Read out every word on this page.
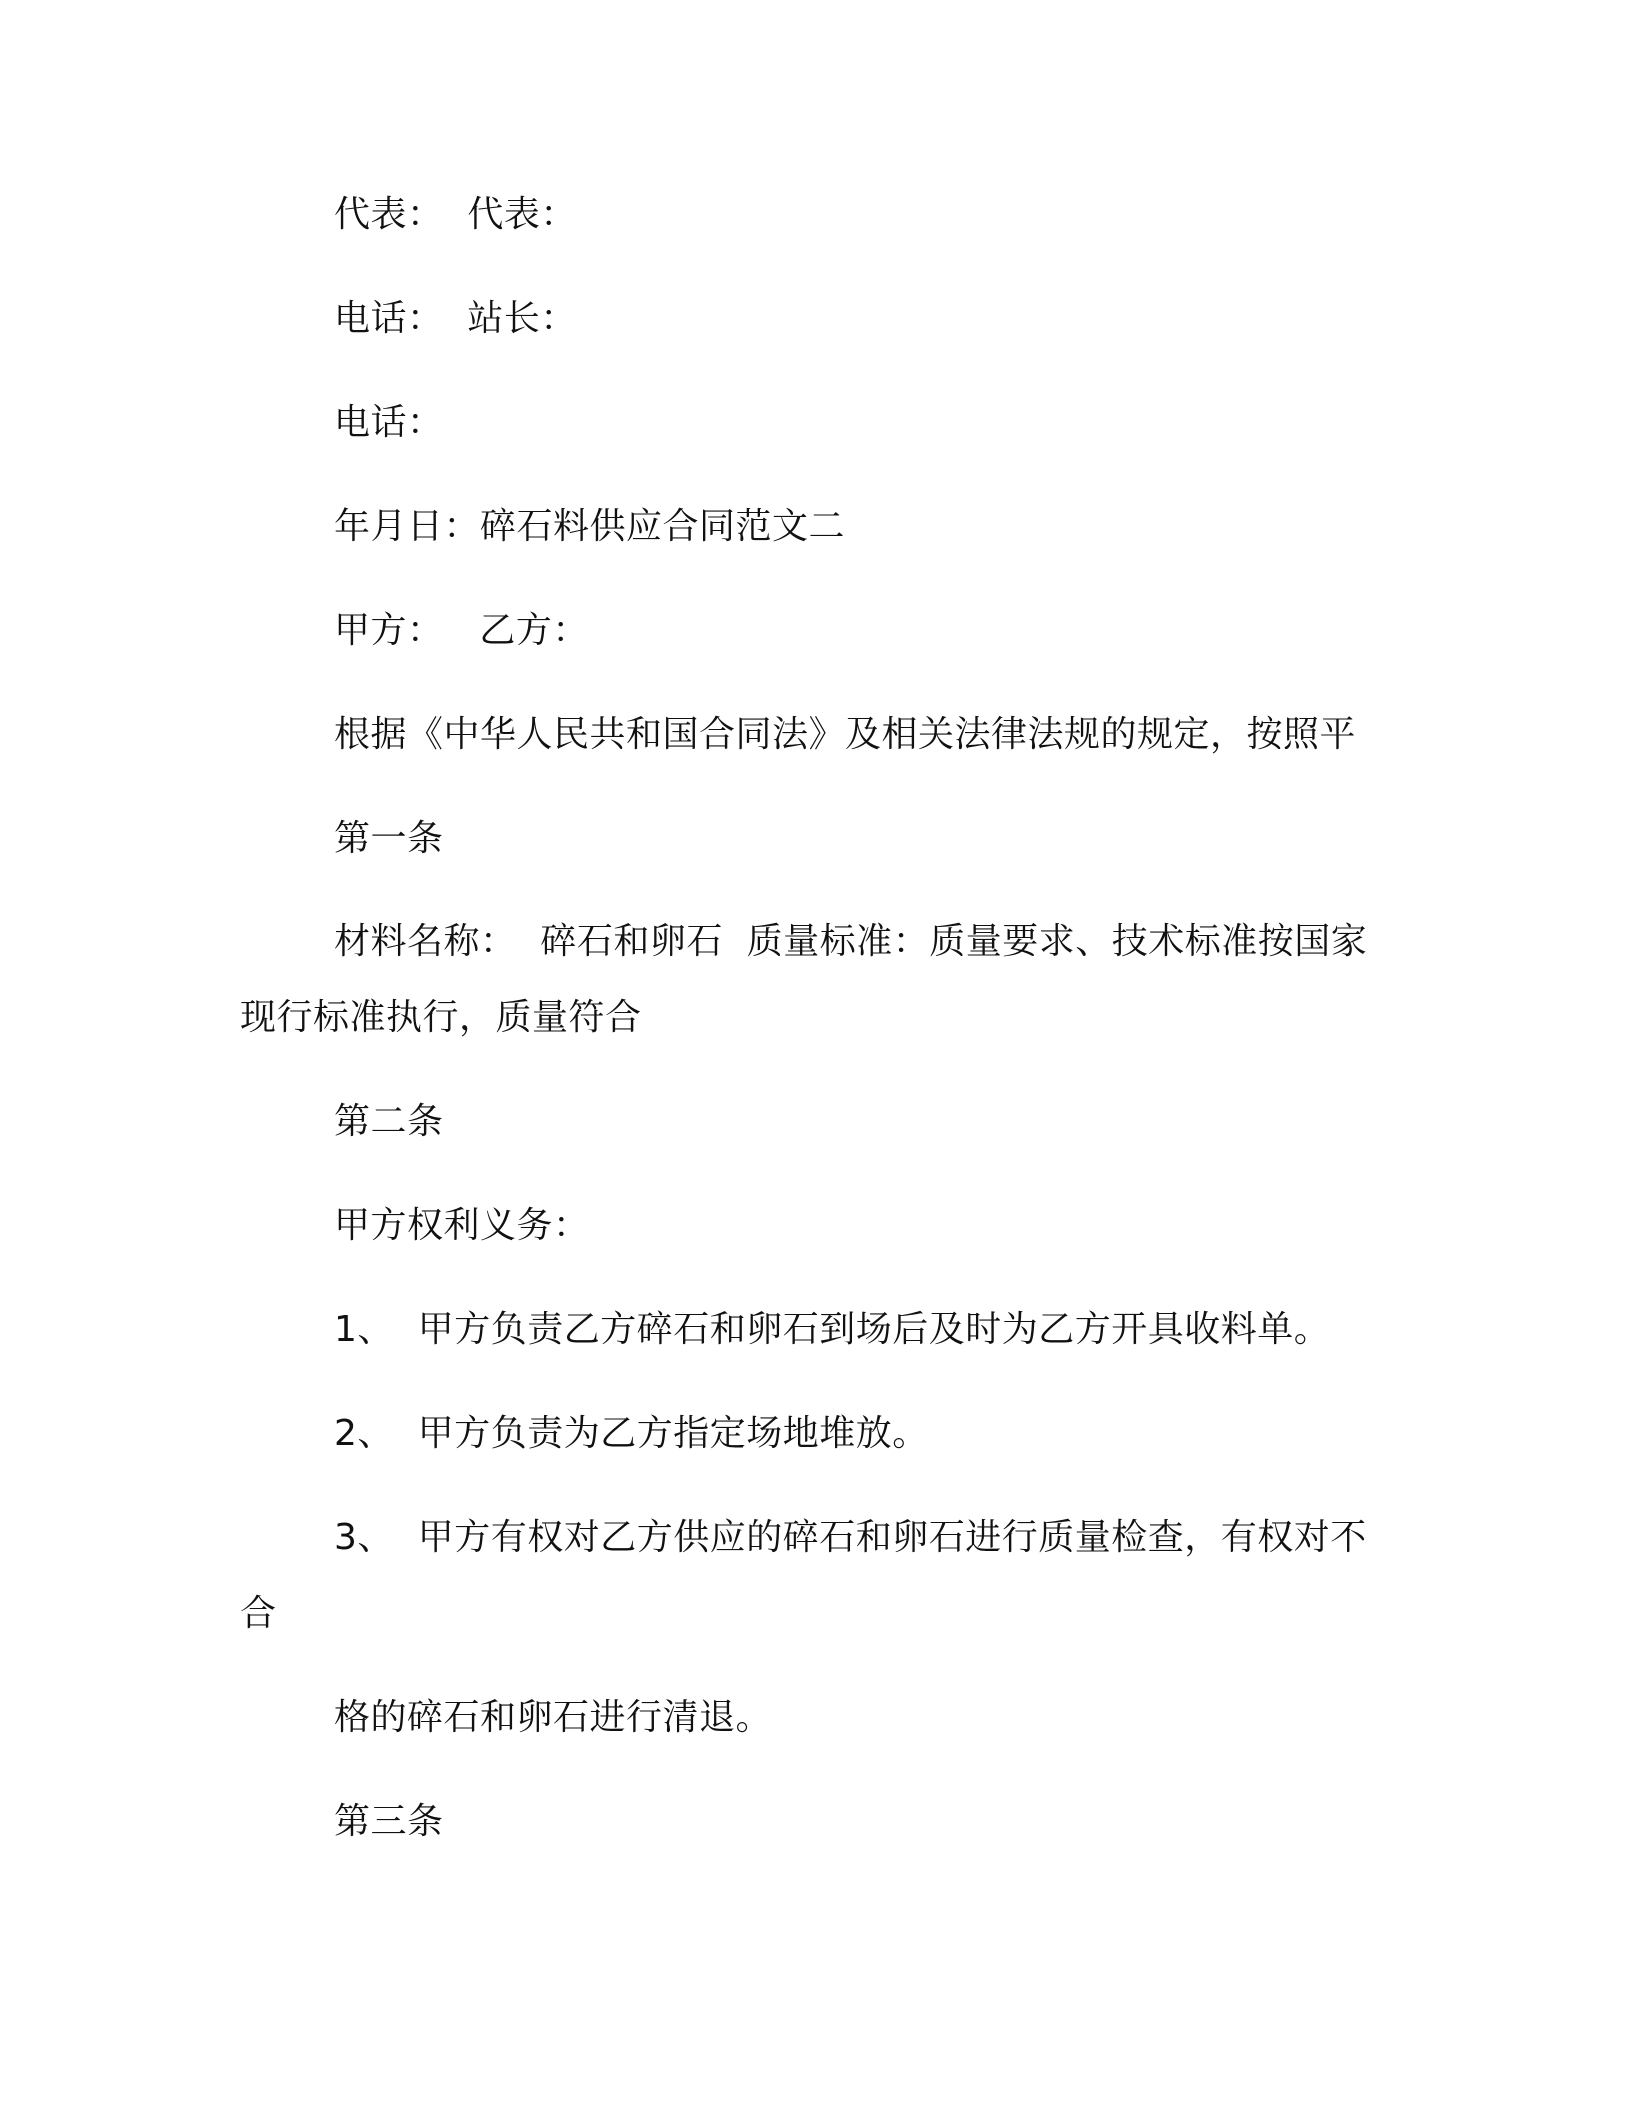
代表：  代表：
电话：  站长：
电话：
年月日：碎石料供应合同范文二
甲方：   乙方：
根据《中华人民共和国合同法》及相关法律法规的规定，按照平
第一条
材料名称：  碎石和卵石  质量标准：质量要求、技术标准按国家
现行标准执行，质量符合
第二条
甲方权利义务：
1、  甲方负责乙方碎石和卵石到场后及时为乙方开具收料单。
2、  甲方负责为乙方指定场地堆放。
3、  甲方有权对乙方供应的碎石和卵石进行质量检查，有权对不
合
格的碎石和卵石进行清退。
第三条
